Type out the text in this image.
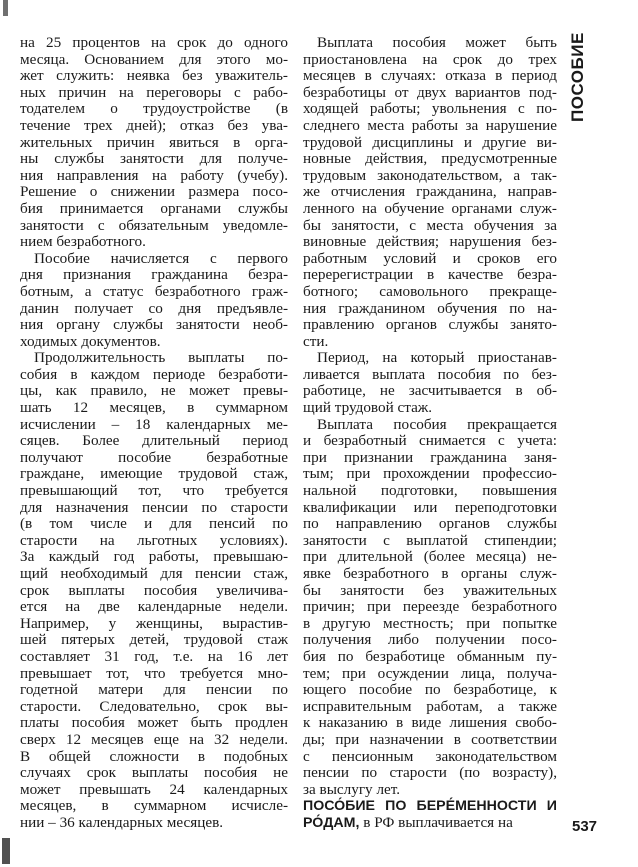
на 25 процентов на срок до одного
месяца. Основанием для этого мо-
жет служить: неявка без уважитель-
ных причин на переговоры с рабо-
тодателем о трудоустройстве (в
течение трех дней); отказ без ува-
жительных причин явиться в орга-
ны службы занятости для получе-
ния направления на работу (учебу).
Решение о снижении размера посо-
бия принимается органами службы
занятости с обязательным уведомле-
нием безработного.
Пособие начисляется с первого
дня признания гражданина безра-
ботным, а статус безработного граж-
данин получает со дня предъявле-
ния органу службы занятости необ-
ходимых документов.
Продолжительность выплаты по-
собия в каждом периоде безработи-
цы, как правило, не может превы-
шать 12 месяцев, в суммарном
исчислении – 18 календарных ме-
сяцев. Более длительный период
получают пособие безработные
граждане, имеющие трудовой стаж,
превышающий тот, что требуется
для назначения пенсии по старости
(в том числе и для пенсий по
старости на льготных условиях).
За каждый год работы, превышаю-
щий необходимый для пенсии стаж,
срок выплаты пособия увеличива-
ется на две календарные недели.
Например, у женщины, вырастив-
шей пятерых детей, трудовой стаж
составляет 31 год, т.е. на 16 лет
превышает тот, что требуется мно-
годетной матери для пенсии по
старости. Следовательно, срок вы-
платы пособия может быть продлен
сверх 12 месяцев еще на 32 недели.
В общей сложности в подобных
случаях срок выплаты пособия не
может превышать 24 календарных
месяцев, в суммарном исчисле-
нии – 36 календарных месяцев.
Выплата пособия может быть
приостановлена на срок до трех
месяцев в случаях: отказа в период
безработицы от двух вариантов под-
ходящей работы; увольнения с по-
следнего места работы за нарушение
трудовой дисциплины и другие ви-
новные действия, предусмотренные
трудовым законодательством, а так-
же отчисления гражданина, направ-
ленного на обучение органами служ-
бы занятости, с места обучения за
виновные действия; нарушения без-
работным условий и сроков его
перерегистрации в качестве безра-
ботного; самовольного прекраще-
ния гражданином обучения по на-
правлению органов службы занято-
сти.
Период, на который приостанав-
ливается выплата пособия по без-
работице, не засчитывается в об-
щий трудовой стаж.
Выплата пособия прекращается
и безработный снимается с учета:
при признании гражданина заня-
тым; при прохождении профессио-
нальной подготовки, повышения
квалификации или переподготовки
по направлению органов службы
занятости с выплатой стипендии;
при длительной (более месяца) не-
явке безработного в органы служ-
бы занятости без уважительных
причин; при переезде безработного
в другую местность; при попытке
получения либо получении посо-
бия по безработице обманным пу-
тем; при осуждении лица, получа-
ющего пособие по безработице, к
исправительным работам, а также
к наказанию в виде лишения свобо-
ды; при назначении в соответствии
с пенсионным законодательством
пенсии по старости (по возрасту),
за выслугу лет.
ПОСО́БИЕ ПО БЕРЕ́МЕННОСТИ И
РО́ДАМ, в РФ выплачивается на
ПОСОБИЕ
537
